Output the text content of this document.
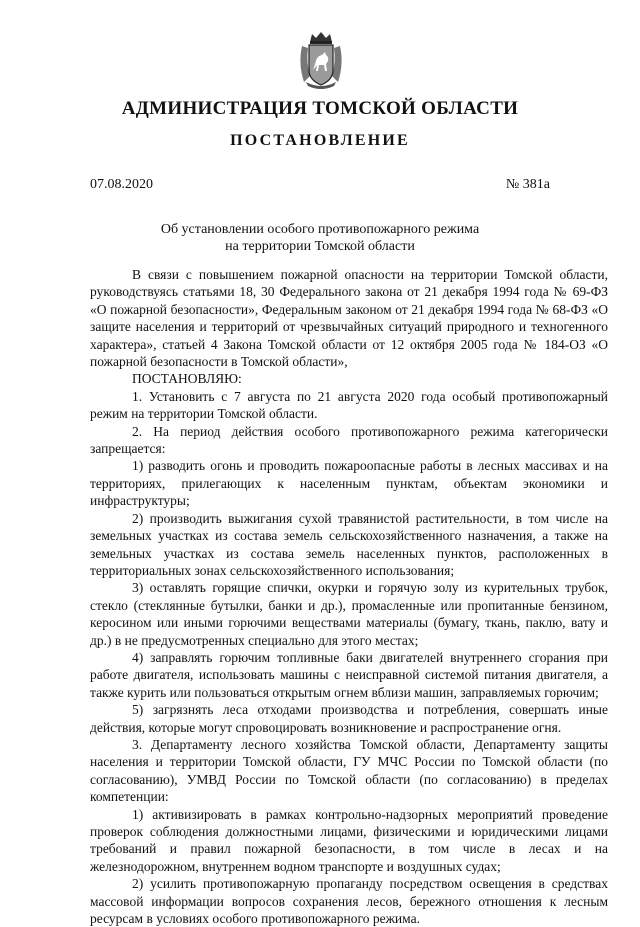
АДМИНИСТРАЦИЯ ТОМСКОЙ ОБЛАСТИ
ПОСТАНОВЛЕНИЕ
07.08.2020	№ 381а
Об установлении особого противопожарного режима
на территории Томской области

В связи с повышением пожарной опасности на территории Томской области, руководствуясь статьями 18, 30 Федерального закона от 21 декабря 1994 года № 69-ФЗ «О пожарной безопасности», Федеральным законом от 21 декабря 1994 года № 68-ФЗ «О защите населения и территорий от чрезвычайных ситуаций природного и техногенного характера», статьей 4 Закона Томской области от 12 октября 2005 года № 184-ОЗ «О пожарной безопасности в Томской области»,

ПОСТАНОВЛЯЮ:

1. Установить с 7 августа по 21 августа 2020 года особый противопожарный режим на территории Томской области.

2. На период действия особого противопожарного режима категорически запрещается:

1) разводить огонь и проводить пожароопасные работы в лесных массивах и на территориях, прилегающих к населенным пунктам, объектам экономики и инфраструктуры;

2) производить выжигания сухой травянистой растительности, в том числе на земельных участках из состава земель сельскохозяйственного назначения, а также на земельных участках из состава земель населенных пунктов, расположенных в территориальных зонах сельскохозяйственного использования;

3) оставлять горящие спички, окурки и горячую золу из курительных трубок, стекло (стеклянные бутылки, банки и др.), промасленные или пропитанные бензином, керосином или иными горючими веществами материалы (бумагу, ткань, паклю, вату и др.) в не предусмотренных специально для этого местах;

4) заправлять горючим топливные баки двигателей внутреннего сгорания при работе двигателя, использовать машины с неисправной системой питания двигателя, а также курить или пользоваться открытым огнем вблизи машин, заправляемых горючим;

5) загрязнять леса отходами производства и потребления, совершать иные действия, которые могут спровоцировать возникновение и распространение огня.

3. Департаменту лесного хозяйства Томской области, Департаменту защиты населения и территории Томской области, ГУ МЧС России по Томской области (по согласованию), УМВД России по Томской области (по согласованию) в пределах компетенции:

1) активизировать в рамках контрольно-надзорных мероприятий проведение проверок соблюдения должностными лицами, физическими и юридическими лицами требований и правил пожарной безопасности, в том числе в лесах и на железнодорожном, внутреннем водном транспорте и воздушных судах;

2) усилить противопожарную пропаганду посредством освещения в средствах массовой информации вопросов сохранения лесов, бережного отношения к лесным ресурсам в условиях особого противопожарного режима.
